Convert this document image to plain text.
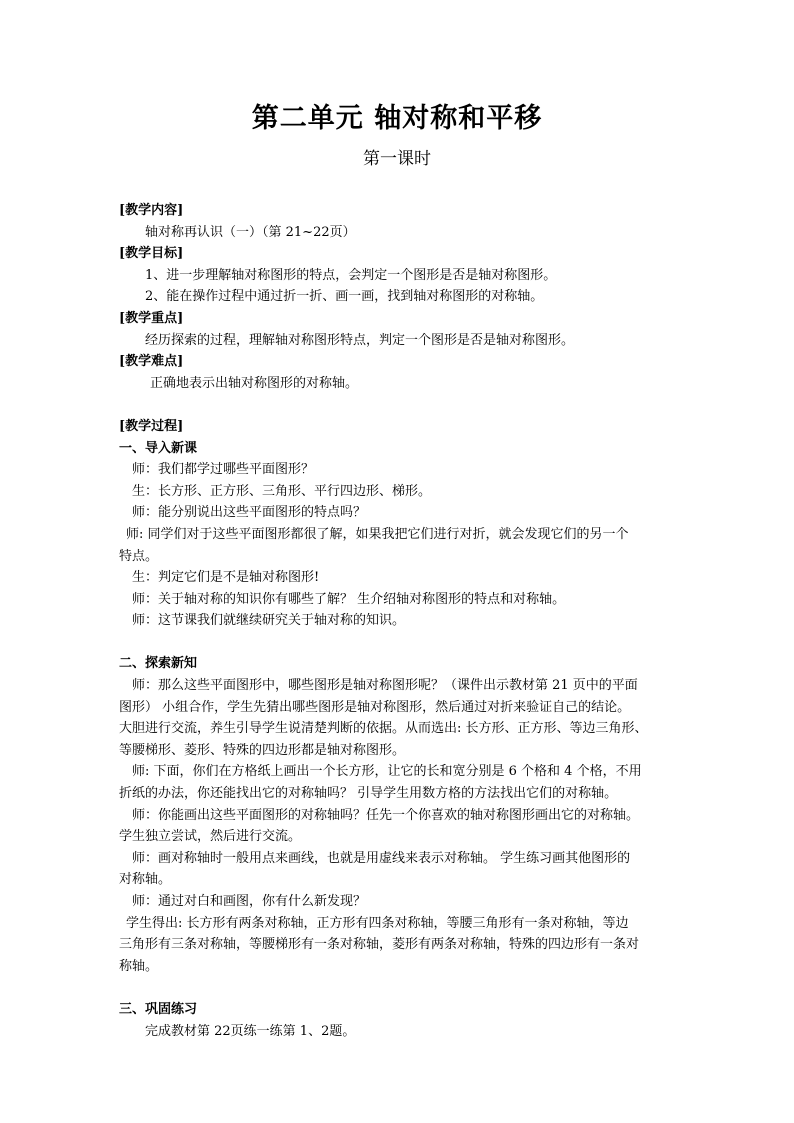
第二单元 轴对称和平移
第一课时
[教学内容]
轴对称再认识（一）（第 21~22页）
[教学目标]
1、进一步理解轴对称图形的特点，会判定一个图形是否是轴对称图形。
2、能在操作过程中通过折一折、画一画，找到轴对称图形的对称轴。
[教学重点]
经历探索的过程，理解轴对称图形特点，判定一个图形是否是轴对称图形。
[教学难点]
正确地表示出轴对称图形的对称轴。
[教学过程]
一、导入新课
师：我们都学过哪些平面图形？
生：长方形、正方形、三角形、平行四边形、梯形。
师：能分别说出这些平面图形的特点吗？
师: 同学们对于这些平面图形都很了解，如果我把它们进行对折，就会发现它们的另一个
特点。
生：判定它们是不是轴对称图形!
师：关于轴对称的知识你有哪些了解？ 生介绍轴对称图形的特点和对称轴。
师：这节课我们就继续研究关于轴对称的知识。
二、探索新知
师：那么这些平面图形中，哪些图形是轴对称图形呢？（课件出示教材第 21 页中的平面
图形） 小组合作，学生先猜出哪些图形是轴对称图形，然后通过对折来验证自己的结论。
大胆进行交流，养生引导学生说清楚判断的依据。从而选出: 长方形、正方形、等边三角形、
等腰梯形、菱形、特殊的四边形都是轴对称图形。
师: 下面，你们在方格纸上画出一个长方形，让它的长和宽分别是 6 个格和 4 个格，不用
折纸的办法，你还能找出它的对称轴吗？ 引导学生用数方格的方法找出它们的对称轴。
师：你能画出这些平面图形的对称轴吗？任先一个你喜欢的轴对称图形画出它的对称轴。
学生独立尝试，然后进行交流。
师：画对称轴时一般用点来画线，也就是用虚线来表示对称轴。 学生练习画其他图形的
对称轴。
师：通过对白和画图，你有什么新发现？
学生得出: 长方形有两条对称轴，正方形有四条对称轴，等腰三角形有一条对称轴，等边
三角形有三条对称轴，等腰梯形有一条对称轴，菱形有两条对称轴，特殊的四边形有一条对
称轴。
三、巩固练习
完成教材第 22页练一练第 1、2题。
